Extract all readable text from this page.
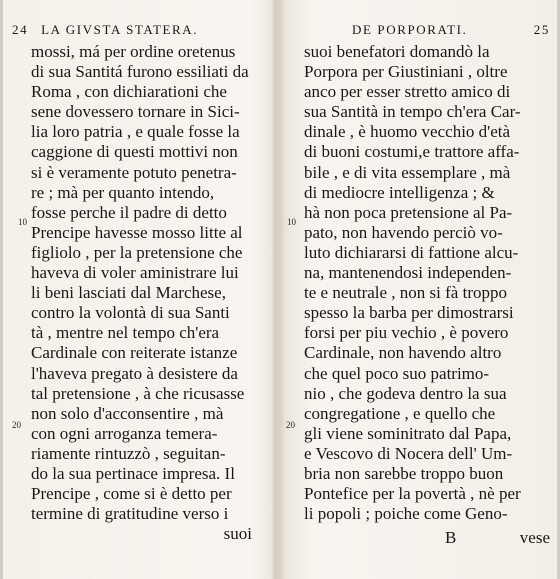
24 LA GIVSTA STATERA.
10
20
mossi, má per ordine oretenus
di sua Santitá furono essiliati da
Roma , con dichiarationi che
sene dovessero tornare in Sici-
lia loro patria , e quale fosse la
caggione di questi mottivi non
si è veramente potuto penetra-
re ; mà per quanto intendo,
fosse perche il padre di detto
Prencipe havesse mosso litte al
figliolo , per la pretensione che
haveva di voler aministrare lui
li beni lasciati dal Marchese,
contro la volontà di sua Santi
tà , mentre nel tempo ch'era
Cardinale con reiterate istanze
l'haveva pregato à desistere da
tal pretensione , à che ricusasse
non solo d'acconsentire , mà
con ogni arroganza temera-
riamente rintuzzò , seguitan-
do la sua pertinace impresa. Il
Prencipe , come si è detto per
termine di gratitudine verso i
suoi
DE PORPORATI.	25
10
20
suoi benefatori domandò la
Porpora per Giustiniani , oltre
anco per esser stretto amico di
sua Santità in tempo ch'era Car-
dinale , è huomo vecchio d'età
di buoni costumi,e trattore affa-
bile , e di vita essemplare , mà
di mediocre intelligenza ; &
hà non poca pretensione al Pa-
pato, non havendo perciò vo-
luto dichiararsi di fattione alcu-
na, mantenendosi independen-
te e neutrale , non si fà troppo
spesso la barba per dimostrarsi
forsi per piu vechio , è povero
Cardinale, non havendo altro
che quel poco suo patrimo-
nio , che godeva dentro la sua
congregatione , e quello che
gli viene sominitrato dal Papa,
e Vescovo di Nocera dell' Um-
bria non sarebbe troppo buon
Pontefice per la povertà , nè per
li popoli ; poiche come Geno-
B	vese
